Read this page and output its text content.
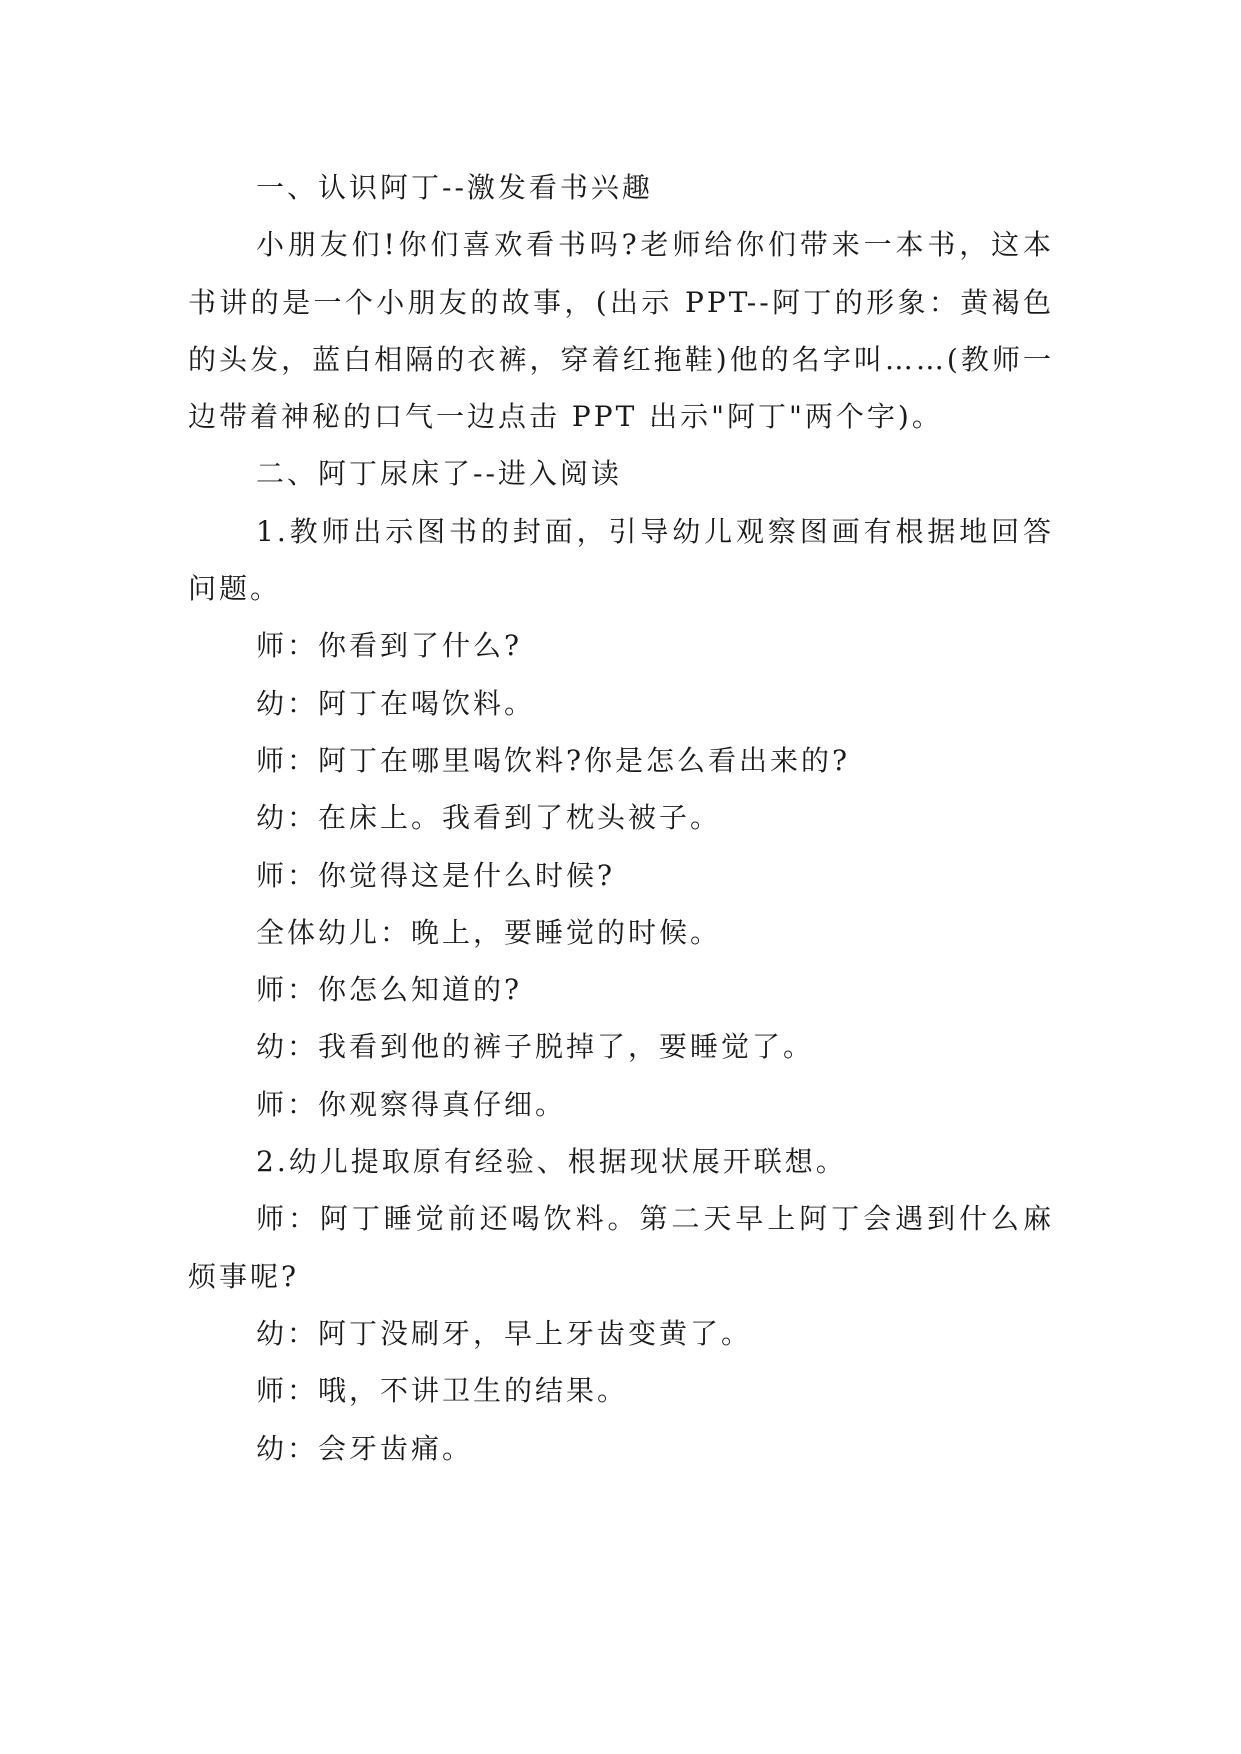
一、认识阿丁--激发看书兴趣

小朋友们!你们喜欢看书吗?老师给你们带来一本书，这本书讲的是一个小朋友的故事，(出示 PPT--阿丁的形象：黄褐色的头发，蓝白相隔的衣裤，穿着红拖鞋)他的名字叫……(教师一边带着神秘的口气一边点击 PPT 出示"阿丁"两个字)。

二、阿丁尿床了--进入阅读

1.教师出示图书的封面，引导幼儿观察图画有根据地回答问题。

师：你看到了什么?

幼：阿丁在喝饮料。

师：阿丁在哪里喝饮料?你是怎么看出来的?

幼：在床上。我看到了枕头被子。

师：你觉得这是什么时候?

全体幼儿：晚上，要睡觉的时候。

师：你怎么知道的?

幼：我看到他的裤子脱掉了，要睡觉了。

师：你观察得真仔细。

2.幼儿提取原有经验、根据现状展开联想。

师：阿丁睡觉前还喝饮料。第二天早上阿丁会遇到什么麻烦事呢?

幼：阿丁没刷牙，早上牙齿变黄了。

师：哦，不讲卫生的结果。

幼：会牙齿痛。
